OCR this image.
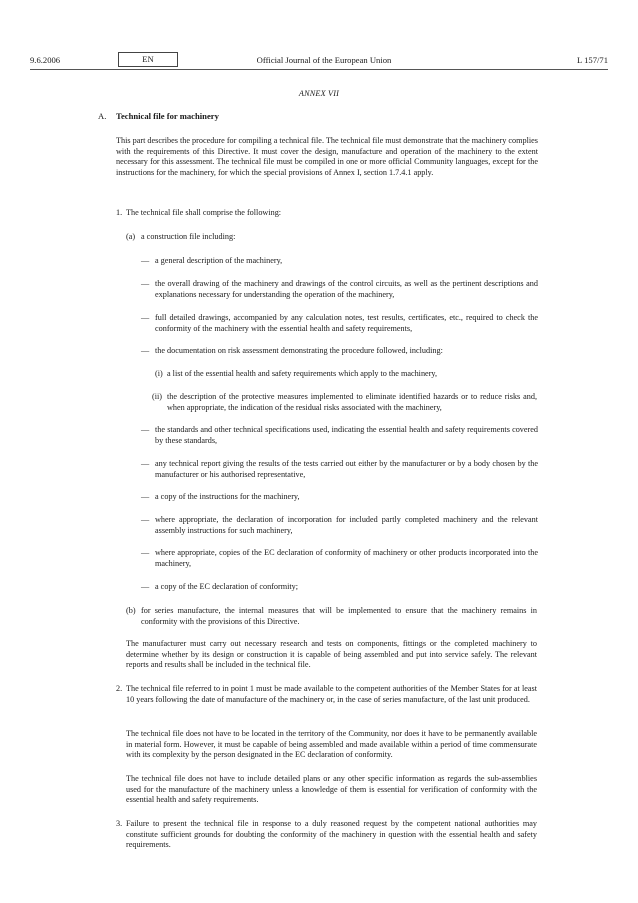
9.6.2006	EN	Official Journal of the European Union	L 157/71
ANNEX VII
A. Technical file for machinery
This part describes the procedure for compiling a technical file. The technical file must demonstrate that the machinery complies with the requirements of this Directive. It must cover the design, manufacture and operation of the machinery to the extent necessary for this assessment. The technical file must be compiled in one or more official Community languages, except for the instructions for the machinery, for which the special provisions of Annex I, section 1.7.4.1 apply.
1. The technical file shall comprise the following:
(a) a construction file including:
— a general description of the machinery,
— the overall drawing of the machinery and drawings of the control circuits, as well as the pertinent descriptions and explanations necessary for understanding the operation of the machinery,
— full detailed drawings, accompanied by any calculation notes, test results, certificates, etc., required to check the conformity of the machinery with the essential health and safety requirements,
— the documentation on risk assessment demonstrating the procedure followed, including:
(i) a list of the essential health and safety requirements which apply to the machinery,
(ii) the description of the protective measures implemented to eliminate identified hazards or to reduce risks and, when appropriate, the indication of the residual risks associated with the machinery,
— the standards and other technical specifications used, indicating the essential health and safety requirements covered by these standards,
— any technical report giving the results of the tests carried out either by the manufacturer or by a body chosen by the manufacturer or his authorised representative,
— a copy of the instructions for the machinery,
— where appropriate, the declaration of incorporation for included partly completed machinery and the relevant assembly instructions for such machinery,
— where appropriate, copies of the EC declaration of conformity of machinery or other products incorporated into the machinery,
— a copy of the EC declaration of conformity;
(b) for series manufacture, the internal measures that will be implemented to ensure that the machinery remains in conformity with the provisions of this Directive.
The manufacturer must carry out necessary research and tests on components, fittings or the completed machinery to determine whether by its design or construction it is capable of being assembled and put into service safely. The relevant reports and results shall be included in the technical file.
2. The technical file referred to in point 1 must be made available to the competent authorities of the Member States for at least 10 years following the date of manufacture of the machinery or, in the case of series manufacture, of the last unit produced.
The technical file does not have to be located in the territory of the Community, nor does it have to be permanently available in material form. However, it must be capable of being assembled and made available within a period of time commensurate with its complexity by the person designated in the EC declaration of conformity.
The technical file does not have to include detailed plans or any other specific information as regards the sub-assemblies used for the manufacture of the machinery unless a knowledge of them is essential for verification of conformity with the essential health and safety requirements.
3. Failure to present the technical file in response to a duly reasoned request by the competent national authorities may constitute sufficient grounds for doubting the conformity of the machinery in question with the essential health and safety requirements.
